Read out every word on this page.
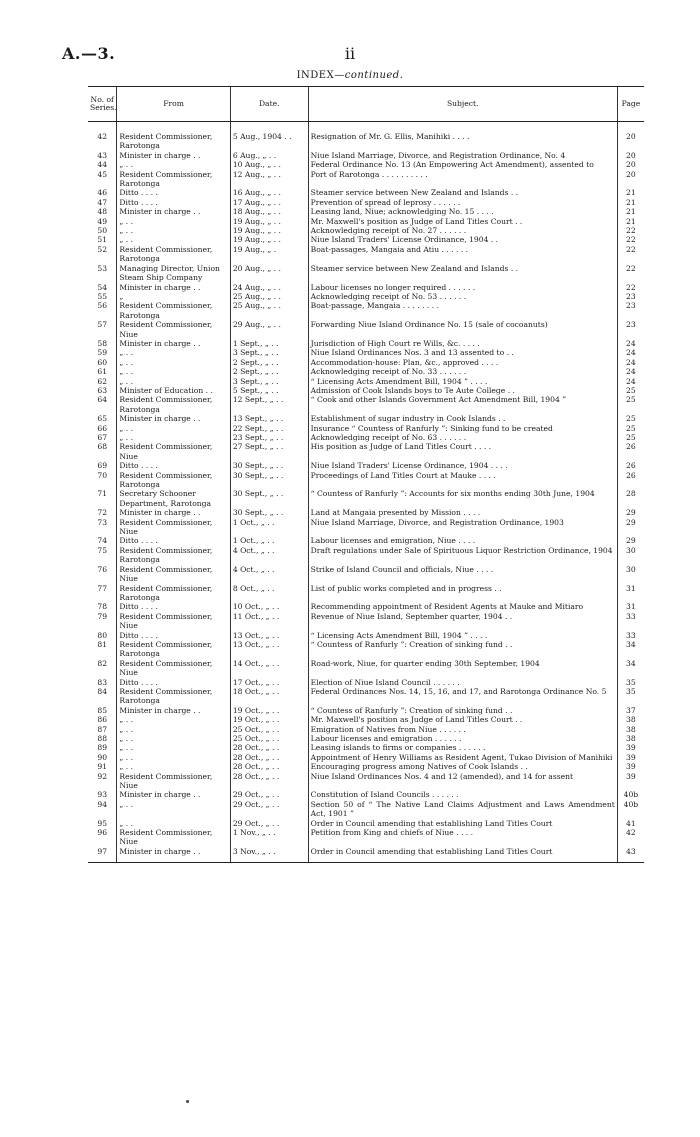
A.—3.	ii
INDEX—continued.
No. of Series.	From	Date.	Subject.	Page
42	Resident Commissioner, Rarotonga	5 Aug., 1904 . .	Resignation of Mr. G. Ellis, Manihiki . . . .	20
43	Minister in charge . .	6 Aug., „ . .	Niue Island Marriage, Divorce, and Registration Ordinance, No. 4	20
44	„ . .	10 Aug., „ . .	Federal Ordinance No. 13 (An Empowering Act Amendment), assented to	20
45	Resident Commissioner, Rarotonga	12 Aug., „ . .	Port of Rarotonga . . . . . . . . . .	20
46	Ditto . . . .	16 Aug., „ . .	Steamer service between New Zealand and Islands . .	21
47	Ditto . . . .	17 Aug., „ . .	Prevention of spread of leprosy . . . . . .	21
48	Minister in charge . .	18 Aug., „ . .	Leasing land, Niue; acknowledging No. 15 . . . .	21
49	„ . .	19 Aug., „ . .	Mr. Maxwell's position as Judge of Land Titles Court . .	21
50	„ . .	19 Aug., „ . .	Acknowledging receipt of No. 27 . . . . . .	22
51	„ . .	19 Aug., „ . .	Niue Island Traders' License Ordinance, 1904 . .	22
52	Resident Commissioner, Rarotonga	19 Aug., „ .	Boat-passages, Mangaia and Atiu . . . . . .	22
53	Managing Director, Union Steam Ship Company	20 Aug., „ . .	Steamer service between New Zealand and Islands . .	22
54	Minister in charge . .	24 Aug., „ . .	Labour licenses no longer required . . . . . .	22
55	„	25 Aug., „ . .	Acknowledging receipt of No. 53 . . . . . .	23
56	Resident Commissioner, Rarotonga	25 Aug., „ . .	Boat-passage, Mangaia . . . . . . . .	23
57	Resident Commissioner, Niue	29 Aug., „ . .	Forwarding Niue Island Ordinance No. 15 (sale of cocoanuts)	23
58	Minister in charge . .	1 Sept., „ . .	Jurisdiction of High Court re Wills, &c. . . . .	24
59	„ . .	3 Sept., „ . .	Niue Island Ordinances Nos. 3 and 13 assented to . .	24
60	„ . .	2 Sept., „ . .	Accommodation-house: Plan, &c., approved . . . .	24
61	„ . .	2 Sept., „ . .	Acknowledging receipt of No. 33 . . . . . .	24
62	„ . .	3 Sept., „ . .	“ Licensing Acts Amendment Bill, 1904 ” . . . .	24
63	Minister of Education . .	5 Sept., „ . .	Admission of Cook Islands boys to Te Aute College . .	25
64	Resident Commissioner, Rarotonga	12 Sept., „ . .	“ Cook and other Islands Government Act Amendment Bill, 1904 ”	25
65	Minister in charge . .	13 Sept., „ . .	Establishment of sugar industry in Cook Islands . .	25
66	„ . .	22 Sept., „ . .	Insurance “ Countess of Ranfurly ”: Sinking fund to be created	25
67	„ . .	23 Sept., „ . .	Acknowledging receipt of No. 63 . . . . . .	25
68	Resident Commissioner, Niue	27 Sept., „ . .	His position as Judge of Land Titles Court . . . .	26
69	Ditto . . . .	30 Sept., „ . .	Niue Island Traders' License Ordinance, 1904 . . . .	26
70	Resident Commissioner, Rarotonga	30 Sept., „ . .	Proceedings of Land Titles Court at Mauke . . . .	26
71	Secretary Schooner Department, Rarotonga	30 Sept., „ . .	“ Countess of Ranfurly ”: Accounts for six months ending 30th June, 1904	28
72	Minister in charge . .	30 Sept., „ . .	Land at Mangaia presented by Mission . . . .	29
73	Resident Commissioner, Niue	1 Oct., „ . .	Niue Island Marriage, Divorce, and Registration Ordinance, 1903	29
74	Ditto . . . .	1 Oct., „ . .	Labour licenses and emigration, Niue . . . .	29
75	Resident Commissioner, Rarotonga	4 Oct., „ . .	Draft regulations under Sale of Spirituous Liquor Restriction Ordinance, 1904	30
76	Resident Commissioner, Niue	4 Oct., „ . .	Strike of Island Council and officials, Niue . . . .	30
77	Resident Commissioner, Rarotonga	8 Oct., „ . .	List of public works completed and in progress . .	31
78	Ditto . . . .	10 Oct., „ . .	Recommending appointment of Resident Agents at Mauke and Mitiaro	31
79	Resident Commissioner, Niue	11 Oct., „ . .	Revenue of Niue Island, September quarter, 1904 . .	33
80	Ditto . . . .	13 Oct., „ . .	“ Licensing Acts Amendment Bill, 1904 ” . . . .	33
81	Resident Commissioner, Rarotonga	13 Oct., „ . .	“ Countess of Ranfurly ”: Creation of sinking fund . .	34
82	Resident Commissioner, Niue	14 Oct., „ . .	Road-work, Niue, for quarter ending 30th September, 1904	34
83	Ditto . . . .	17 Oct., „ . .	Election of Niue Island Council . . . . . .	35
84	Resident Commissioner, Rarotonga	18 Oct., „ . .	Federal Ordinances Nos. 14, 15, 16, and 17, and Rarotonga Ordinance No. 5	35
85	Minister in charge . .	19 Oct., „ . .	“ Countess of Ranfurly ”: Creation of sinking fund . .	37
86	„ . .	19 Oct., „ . .	Mr. Maxwell's position as Judge of Land Titles Court . .	38
87	„ . .	25 Oct., „ . .	Emigration of Natives from Niue . . . . . .	38
88	„ . .	25 Oct., „ . .	Labour licenses and emigration . . . . . .	38
89	„ . .	28 Oct., „ . .	Leasing islands to firms or companies . . . . . .	39
90	„ . .	28 Oct., „ . .	Appointment of Henry Williams as Resident Agent, Tukao Division of Manihiki	39
91	„ . .	28 Oct., „ . .	Encouraging progress among Natives of Cook Islands . .	39
92	Resident Commissioner, Niue	28 Oct., „ . .	Niue Island Ordinances Nos. 4 and 12 (amended), and 14 for assent	39
93	Minister in charge . .	29 Oct., „ . .	Constitution of Island Councils . . . . . .	40b
94	„ . .	29 Oct., „ . .	Section 50 of “ The Native Land Claims Adjustment and Laws Amendment Act, 1901 ”	40b
95	„ . .	29 Oct., „ . .	Order in Council amending that establishing Land Titles Court	41
96	Resident Commissioner, Niue	1 Nov., „ . .	Petition from King and chiefs of Niue . . . .	42
97	Minister in charge . .	3 Nov., „ . .	Order in Council amending that establishing Land Titles Court	43
